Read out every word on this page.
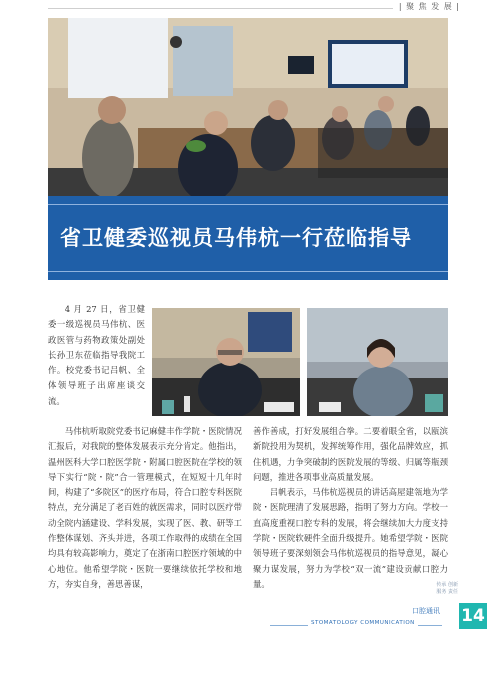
| 聚 焦 发 展 |
省卫健委巡视员马伟杭一行莅临指导

4 月 27 日，省卫健委一级巡视员马伟杭、医政医管与药物政策处副处长孙卫东莅临指导我院工作。校党委书记吕帆、全体领导班子出席座谈交流。

马伟杭听取院党委书记麻健丰作学院・医院情况汇报后，对我院的整体发展表示充分肯定。他指出，温州医科大学口腔医学院・附属口腔医院在学校的领导下实行“院・院”合一管理模式，在短短十几年时间，构建了“多院区”的医疗布局，符合口腔专科医院特点，充分满足了老百姓的就医需求，同时以医疗带动全院内涵建设、学科发展，实现了医、教、研等工作整体谋划、齐头并进，各项工作取得的成绩在全国均具有较高影响力，奠定了在浙南口腔医疗领域的中心地位。他希望学院・医院一要继续依托学校和地方，夯实自身，善思善谋，

善作善成，打好发展组合拳。二要着眼全省，以瓯滨新院投用为契机，发挥统筹作用，强化品牌效应，抓住机遇，力争突破制约医院发展的等级、归属等瓶颈问题，推进各项事业高质量发展。

吕帆表示，马伟杭巡视员的讲话高屋建瓴地为学院・医院理清了发展思路，指明了努力方向。学校一直高度重视口腔专科的发展，将会继续加大力度支持学院・医院软硬件全面升级提升。她希望学院・医院领导班子要深刻领会马伟杭巡视员的指导意见，凝心聚力谋发展，努力为学校“双一流”建设贡献口腔力量。	传承 创新
服务 责任
口腔通讯
STOMATOLOGY COMMUNICATION	14
